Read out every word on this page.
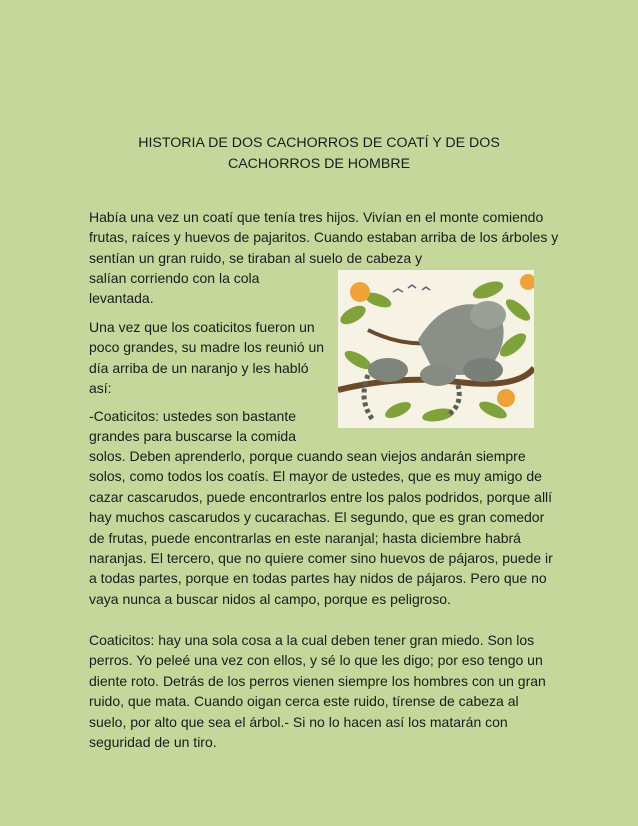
HISTORIA DE DOS CACHORROS DE COATÍ Y DE DOS CACHORROS DE HOMBRE

Había una vez un coatí que tenía tres hijos. Vivían en el monte comiendo frutas, raíces y huevos de pajaritos. Cuando estaban arriba de los árboles y sentían un gran ruido, se tiraban al suelo de cabeza y

salían corriendo con la cola levantada.

Una vez que los coaticitos fueron un poco grandes, su madre los reunió un día arriba de un naranjo y les habló así:

-Coaticitos: ustedes son bastante grandes para buscarse la comida

solos. Deben aprenderlo, porque cuando sean viejos andarán siempre solos, como todos los coatís. El mayor de ustedes, que es muy amigo de cazar cascarudos, puede encontrarlos entre los palos podridos, porque allí hay muchos cascarudos y cucarachas. El segundo, que es gran comedor de frutas, puede encontrarlas en este naranjal; hasta diciembre habrá naranjas. El tercero, que no quiere comer sino huevos de pájaros, puede ir a todas partes, porque en todas partes hay nidos de pájaros. Pero que no vaya nunca a buscar nidos al campo, porque es peligroso.

Coaticitos: hay una sola cosa a la cual deben tener gran miedo. Son los perros. Yo peleé una vez con ellos, y sé lo que les digo; por eso tengo un diente roto. Detrás de los perros vienen siempre los hombres con un gran ruido, que mata. Cuando oigan cerca este ruido, tírense de cabeza al suelo, por alto que sea el árbol.- Si no lo hacen así los matarán con seguridad de un tiro.
